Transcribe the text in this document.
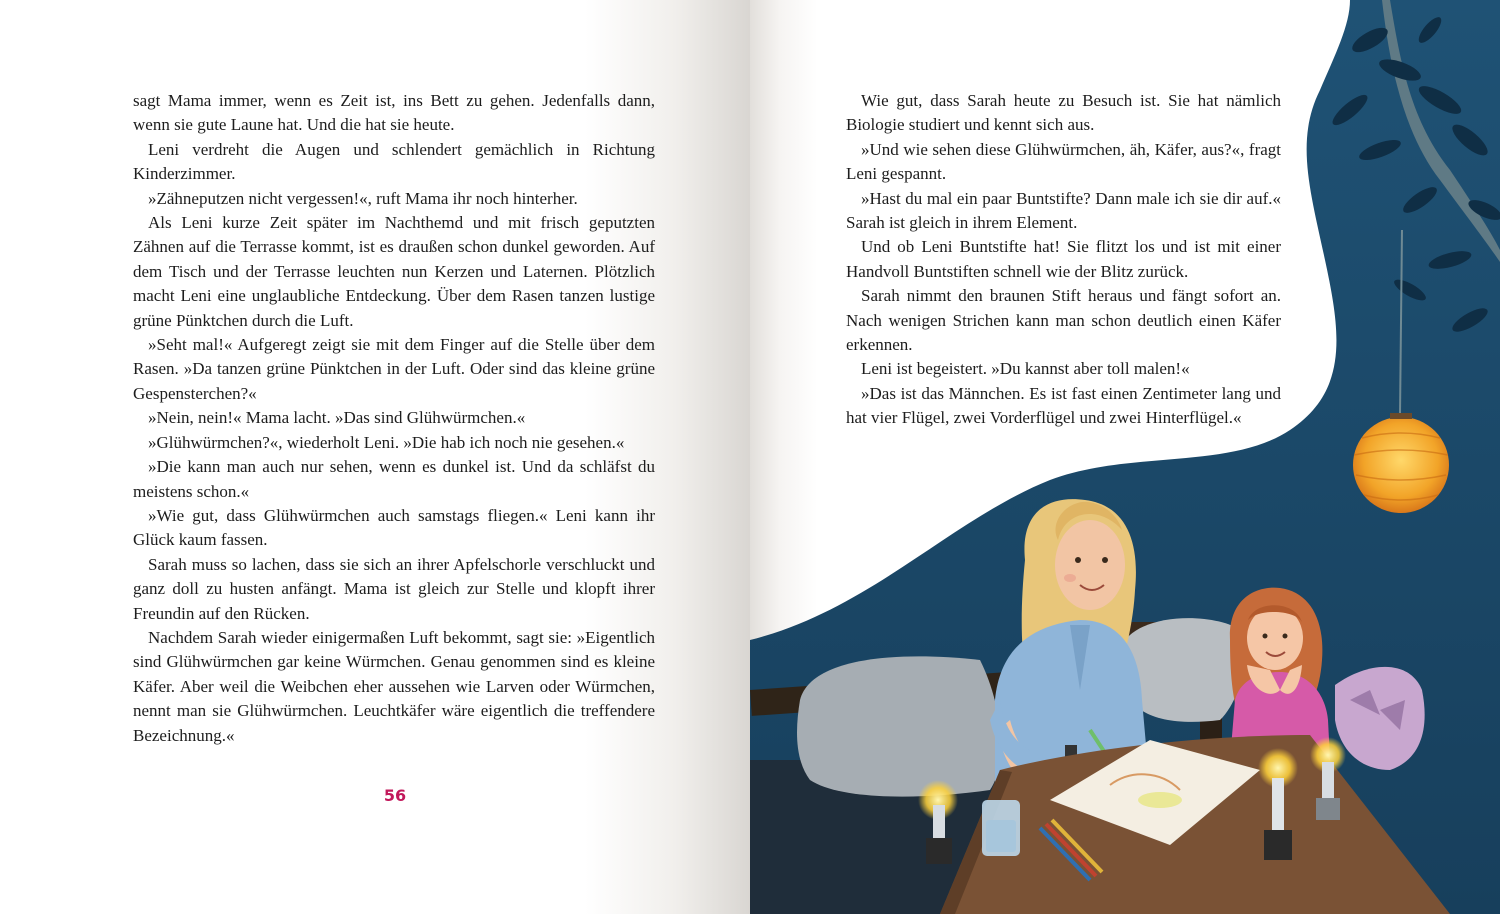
sagt Mama immer, wenn es Zeit ist, ins Bett zu gehen. Jedenfalls dann, wenn sie gute Laune hat. Und die hat sie heute.

Leni verdreht die Augen und schlendert gemächlich in Richtung Kinderzimmer.

»Zähneputzen nicht vergessen!«, ruft Mama ihr noch hinterher.

Als Leni kurze Zeit später im Nachthemd und mit frisch geputzten Zähnen auf die Terrasse kommt, ist es draußen schon dunkel geworden. Auf dem Tisch und der Terrasse leuchten nun Kerzen und Laternen. Plötzlich macht Leni eine unglaubliche Entdeckung. Über dem Rasen tanzen lustige grüne Pünktchen durch die Luft.

»Seht mal!« Aufgeregt zeigt sie mit dem Finger auf die Stelle über dem Rasen. »Da tanzen grüne Pünktchen in der Luft. Oder sind das kleine grüne Gespensterchen?«

»Nein, nein!« Mama lacht. »Das sind Glühwürmchen.«

»Glühwürmchen?«, wiederholt Leni. »Die hab ich noch nie gesehen.«

»Die kann man auch nur sehen, wenn es dunkel ist. Und da schläfst du meistens schon.«

»Wie gut, dass Glühwürmchen auch samstags fliegen.« Leni kann ihr Glück kaum fassen.

Sarah muss so lachen, dass sie sich an ihrer Apfelschorle verschluckt und ganz doll zu husten anfängt. Mama ist gleich zur Stelle und klopft ihrer Freundin auf den Rücken.

Nachdem Sarah wieder einigermaßen Luft bekommt, sagt sie: »Eigentlich sind Glühwürmchen gar keine Würmchen. Genau genommen sind es kleine Käfer. Aber weil die Weibchen eher aussehen wie Larven oder Würmchen, nennt man sie Glühwürmchen. Leuchtkäfer wäre eigentlich die treffendere Bezeichnung.«

56

Wie gut, dass Sarah heute zu Besuch ist. Sie hat nämlich Biologie studiert und kennt sich aus.

»Und wie sehen diese Glühwürmchen, äh, Käfer, aus?«, fragt Leni gespannt.

»Hast du mal ein paar Buntstifte? Dann male ich sie dir auf.« Sarah ist gleich in ihrem Element.

Und ob Leni Buntstifte hat! Sie flitzt los und ist mit einer Handvoll Buntstiften schnell wie der Blitz zurück.

Sarah nimmt den braunen Stift heraus und fängt sofort an. Nach wenigen Strichen kann man schon deutlich einen Käfer erkennen.

Leni ist begeistert. »Du kannst aber toll malen!«

»Das ist das Männchen. Es ist fast einen Zentimeter lang und hat vier Flügel, zwei Vorderflügel und zwei Hinterflügel.«
